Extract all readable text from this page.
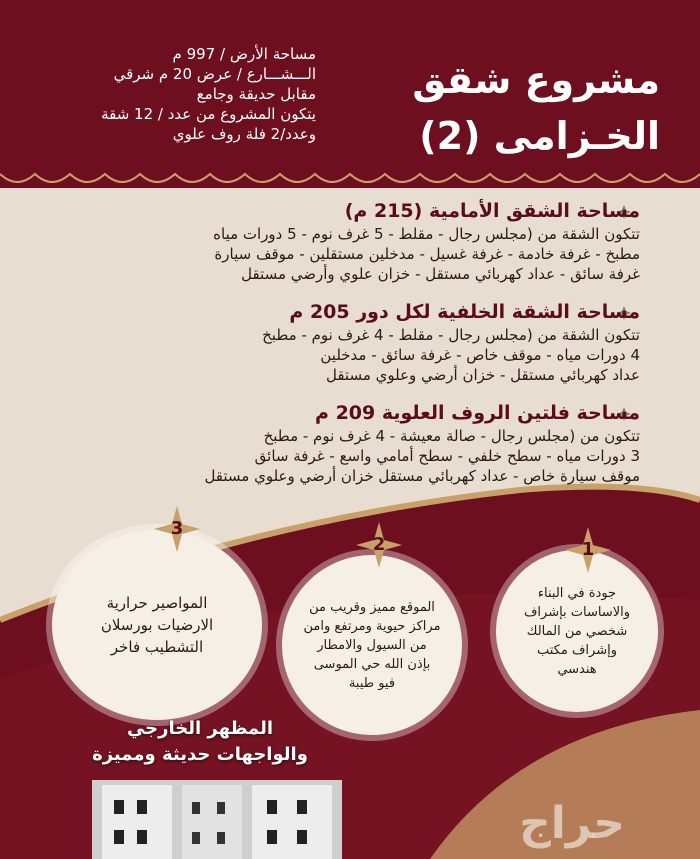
مشروع شقق
الخـزامى (2)
مساحة الأرض / 997 م
الـــشـــارع / عرض 20 م شرقي
مقابل حديقة وجامع
يتكون المشروع من عدد / 12 شقة
وعدد/2 فلة روف علوي
مساحة الشقق الأمامية (215 م)
تتكون الشقة من (مجلس رجال - مقلط - 5 غرف نوم - 5 دورات مياه
مطبخ - غرفة خادمة - غرفة غسيل - مدخلين مستقلين - موقف سيارة
غرفة سائق - عداد كهربائي مستقل - خزان علوي وأرضي مستقل
مساحة الشقة الخلفية لكل دور 205 م
تتكون الشقة من (مجلس رجال - مقلط - 4 غرف نوم - مطبخ
4 دورات مياه - موقف خاص - غرفة سائق - مدخلين
عداد كهربائي مستقل - خزان أرضي وعلوي مستقل
مساحة فلتين الروف العلوية 209 م
تتكون من (مجلس رجال - صالة معيشة - 4 غرف نوم - مطبخ
3 دورات مياه - سطح خلفي - سطح أمامي واسع - غرفة سائق
موقف سيارة خاص - عداد كهربائي مستقل خزان أرضي وعلوي مستقل
جودة في البناء
والاساسات بإشراف
شخصي من المالك
وإشراف مكتب
هندسي
1
الموقع مميز وقريب من
مراكز حيوية ومرتفع وامن
من السيول والامطار
بإذن الله حي الموسى
فيو طيبة
2
المواصير حرارية
الارضيات بورسلان
التشطيب فاخر
3
المظهر الخارجي
والواجهات حديثة ومميزة
حراج
